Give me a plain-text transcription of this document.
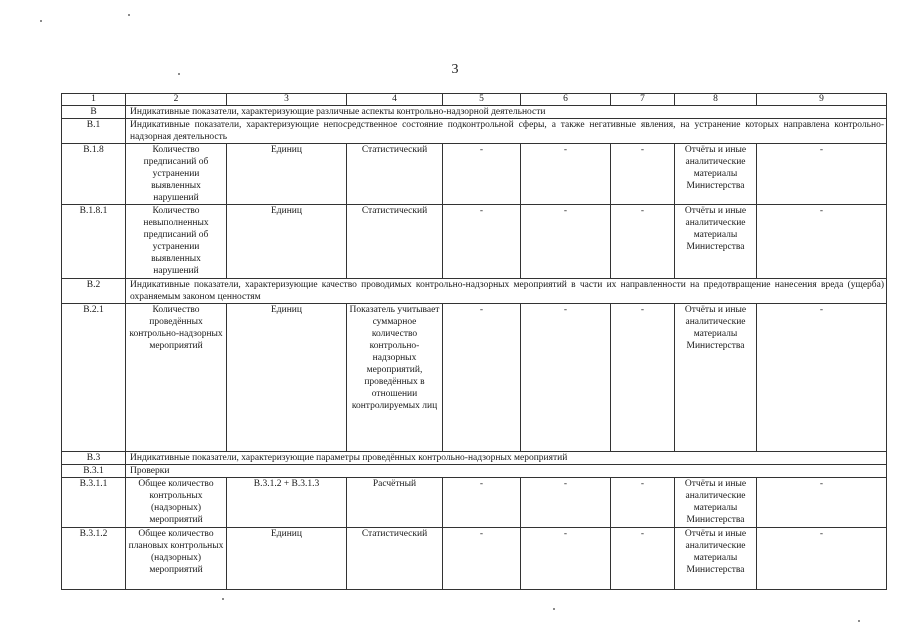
3
1	2	3	4	5	6	7	8	9
В	Индикативные показатели, характеризующие различные аспекты контрольно-надзорной деятельности							
В.1	Индикативные показатели, характеризующие непосредственное состояние подконтрольной сферы, а также негативные явления, на устранение которых направлена контрольно-надзорная деятельность							
В.1.8	Количество предписаний об устранении выявленных нарушений	Единиц	Статистический	-	-	-	Отчёты и иные аналитические материалы Министерства	-
В.1.8.1	Количество невыполненных предписаний об устранении выявленных нарушений	Единиц	Статистический	-	-	-	Отчёты и иные аналитические материалы Министерства	-
В.2	Индикативные показатели, характеризующие качество проводимых контрольно-надзорных мероприятий в части их направленности на предотвращение нанесения вреда (ущерба) охраняемым законом ценностям							
В.2.1	Количество проведённых контрольно-надзорных мероприятий	Единиц	Показатель учитывает суммарное количество контрольно-надзорных мероприятий, проведённых в отношении контролируемых лиц	-	-	-	Отчёты и иные аналитические материалы Министерства	-
В.3	Индикативные показатели, характеризующие параметры проведённых контрольно-надзорных мероприятий							
В.3.1	Проверки							
В.3.1.1	Общее количество контрольных (надзорных) мероприятий	В.3.1.2 + В.3.1.3	Расчётный	-	-	-	Отчёты и иные аналитические материалы Министерства	-
В.3.1.2	Общее количество плановых контрольных (надзорных) мероприятий	Единиц	Статистический	-	-	-	Отчёты и иные аналитические материалы Министерства	-
